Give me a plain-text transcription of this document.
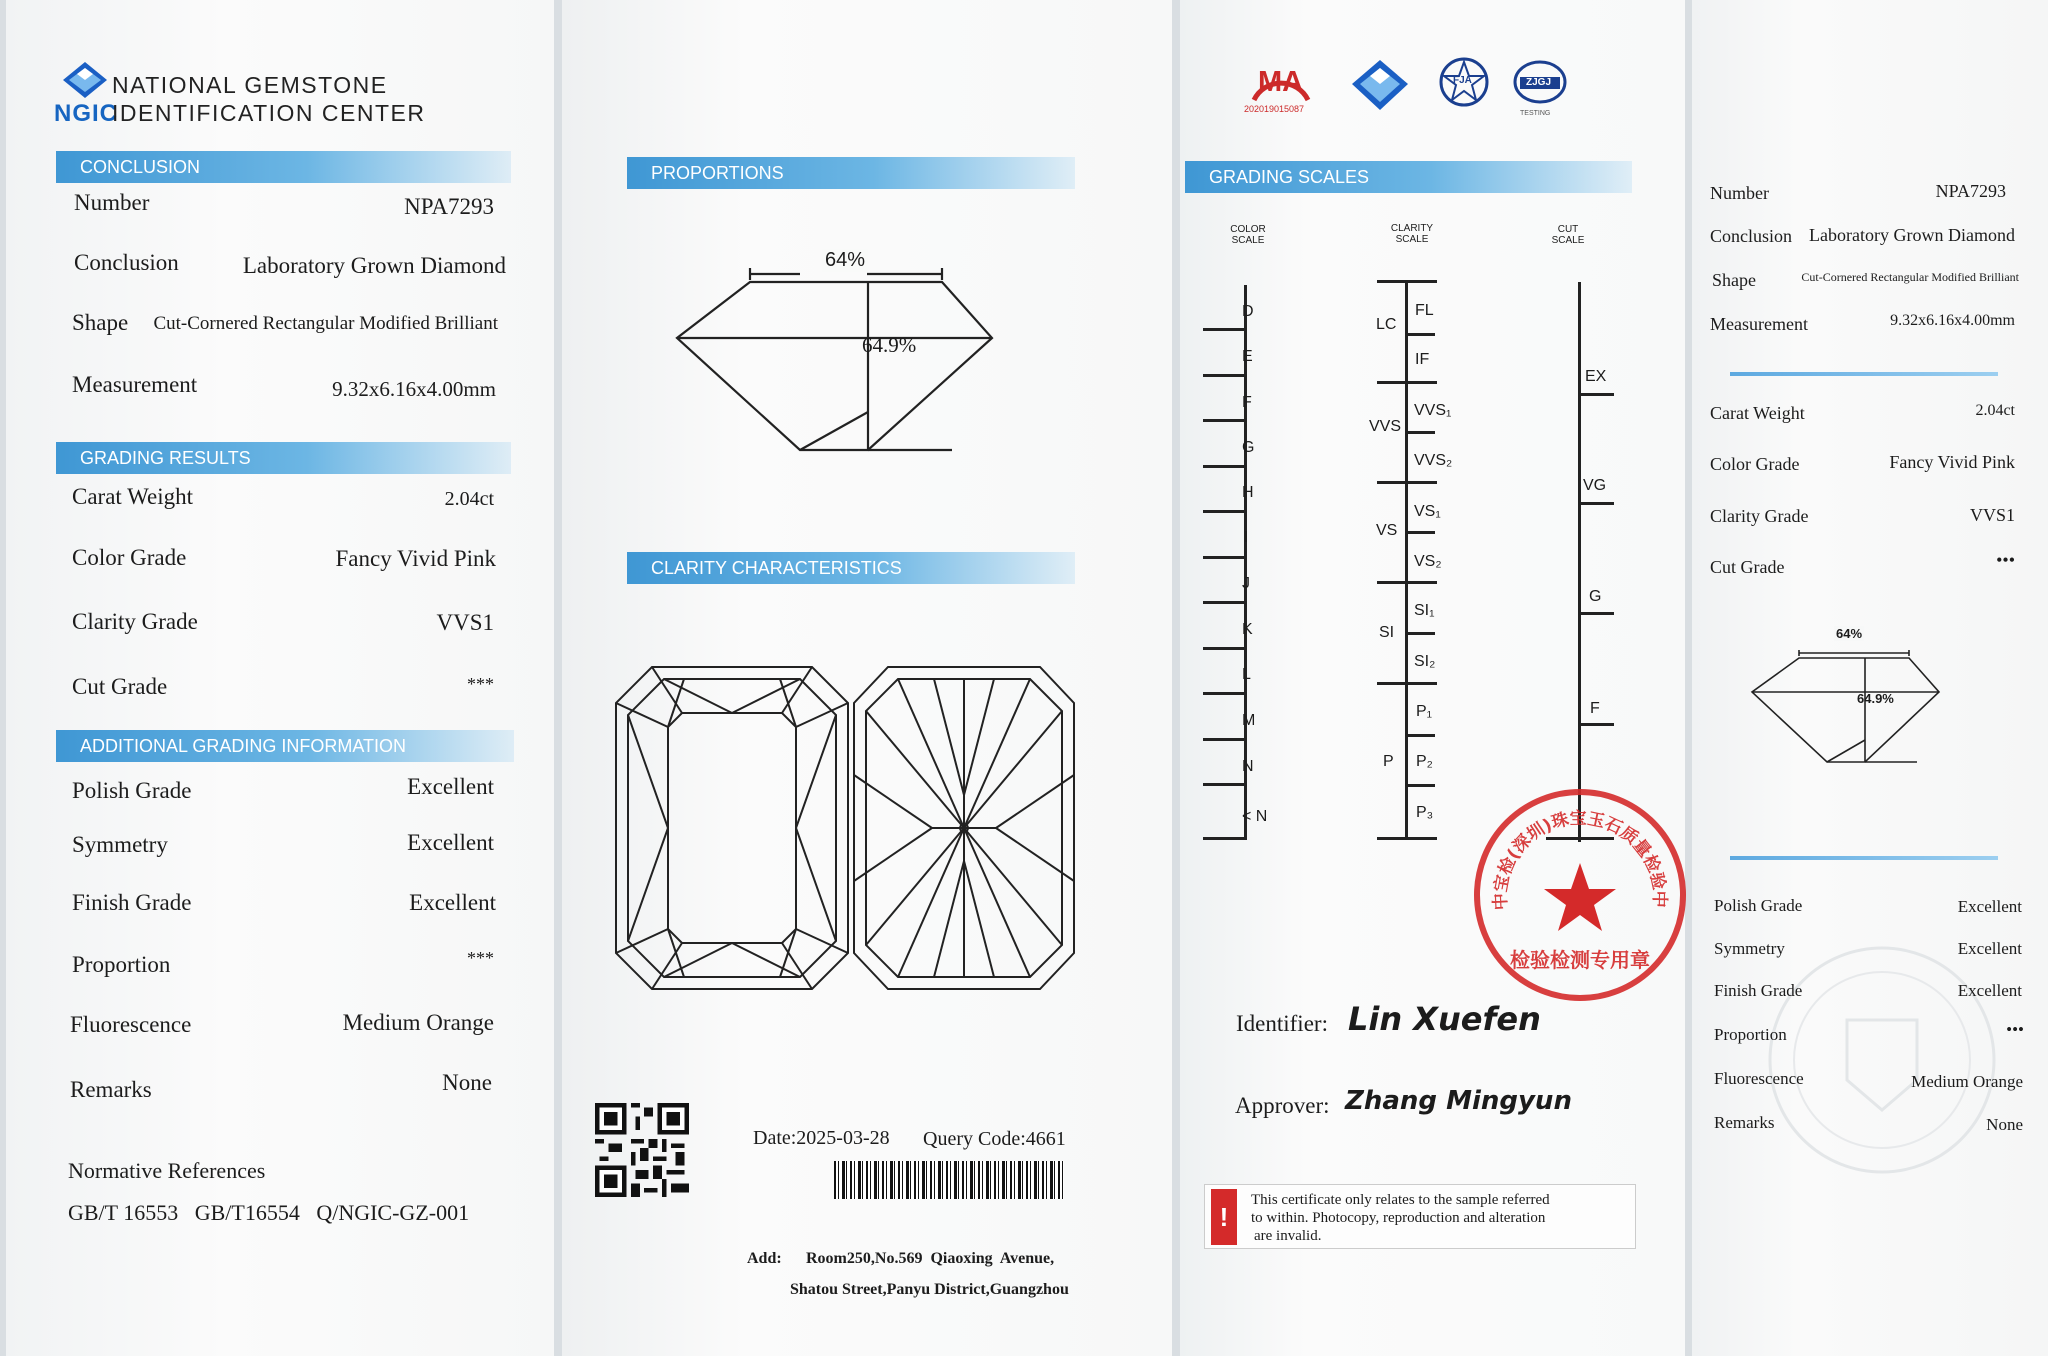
NGIC
NATIONAL GEMSTONE
IDENTIFICATION CENTER
CONCLUSION
Number	NPA7293
Conclusion	Laboratory Grown Diamond
Shape	Cut-Cornered Rectangular Modified Brilliant
Measurement	9.32x6.16x4.00mm
GRADING RESULTS
Carat Weight	2.04ct
Color Grade	Fancy Vivid Pink
Clarity Grade	VVS1
Cut Grade	***
ADDITIONAL GRADING INFORMATION
Polish Grade	Excellent
Symmetry	Excellent
Finish Grade	Excellent
Proportion	***
Fluorescence	Medium Orange
Remarks	None
Normative References
GB/T 16553   GB/T16554   Q/NGIC-GZ-001
PROPORTIONS
64%
64.9%
CLARITY CHARACTERISTICS
Date:2025-03-28 Query Code:4661
Add: Room250,No.569  Qiaoxing  Avenue,
Shatou Street,Panyu District,Guangzhou
MA
202019015087
FJA	ZJGJ
TESTING
GRADING SCALES
COLOR
SCALE
CLARITY
SCALE
CUT
SCALE
D
E
F
G
H
I
J
K
L
M
N
< N
LC
VVS
VS
SI
P
FL
IF
VVS₁
VVS₂
VS₁
VS₂
SI₁
SI₂
P₁
P₂
P₃
EX
VG
G
F
中宝检(深圳)珠宝玉石质量检验中
检验检测专用章
Identifier: Lin Xuefen
Approver: Zhang Mingyun
!
This certificate only relates to the sample referred
to within. Photocopy, reproduction and alteration
are invalid.
Number	NPA7293
Conclusion Laboratory Grown Diamond
Shape	Cut-Cornered Rectangular Modified Brilliant
Measurement	9.32x6.16x4.00mm
Carat Weight	2.04ct
Color Grade	Fancy Vivid Pink
Clarity Grade	VVS1
Cut Grade	•••
64%
64.9%
Polish Grade	Excellent
Symmetry	Excellent
Finish Grade	Excellent
Proportion	•••
Fluorescence	Medium Orange
Remarks	None
